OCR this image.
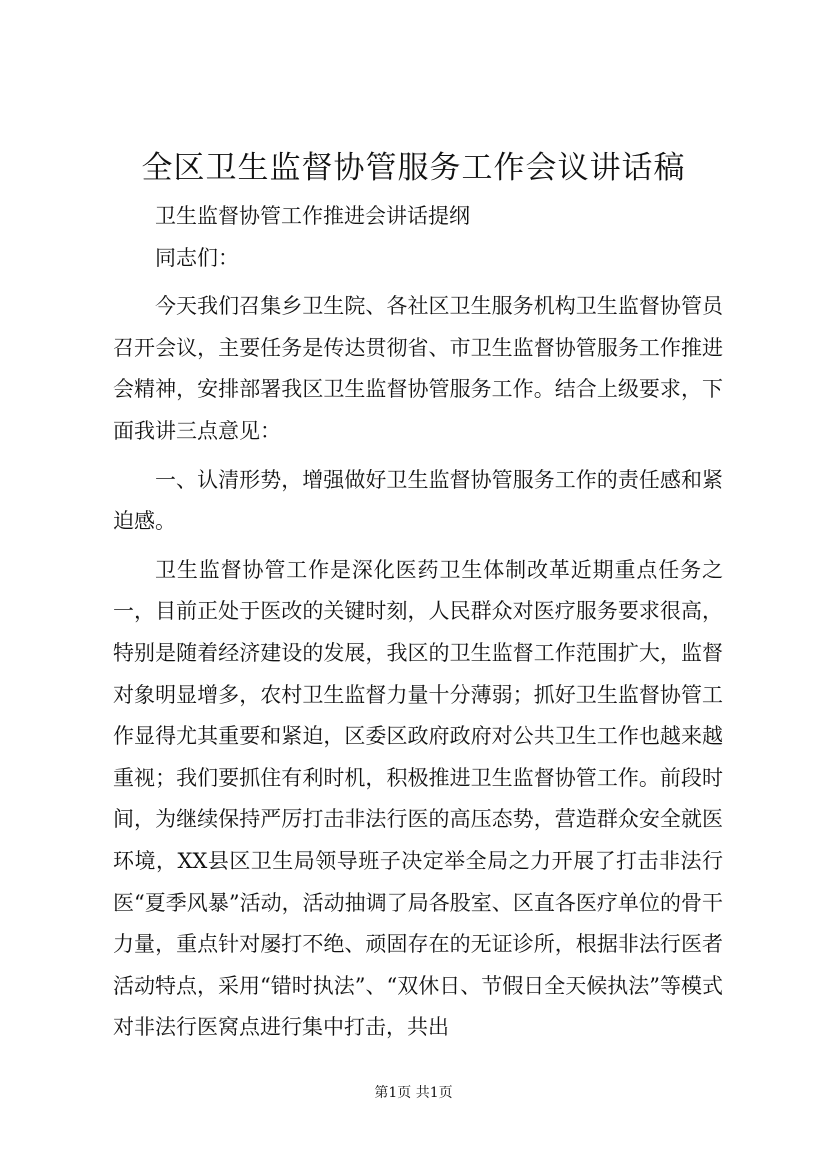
全区卫生监督协管服务工作会议讲话稿

卫生监督协管工作推进会讲话提纲

同志们：

今天我们召集乡卫生院、各社区卫生服务机构卫生监督协管员召开会议，主要任务是传达贯彻省、市卫生监督协管服务工作推进会精神，安排部署我区卫生监督协管服务工作。结合上级要求，下面我讲三点意见：

一、认清形势，增强做好卫生监督协管服务工作的责任感和紧迫感。

卫生监督协管工作是深化医药卫生体制改革近期重点任务之一，目前正处于医改的关键时刻，人民群众对医疗服务要求很高，特别是随着经济建设的发展，我区的卫生监督工作范围扩大，监督对象明显增多，农村卫生监督力量十分薄弱；抓好卫生监督协管工作显得尤其重要和紧迫，区委区政府政府对公共卫生工作也越来越重视；我们要抓住有利时机，积极推进卫生监督协管工作。前段时间，为继续保持严厉打击非法行医的高压态势，营造群众安全就医环境，XX县区卫生局领导班子决定举全局之力开展了打击非法行医“夏季风暴”活动，活动抽调了局各股室、区直各医疗单位的骨干力量，重点针对屡打不绝、顽固存在的无证诊所，根据非法行医者活动特点，采用“错时执法”、“双休日、节假日全天候执法”等模式对非法行医窝点进行集中打击，共出

第1页 共1页
